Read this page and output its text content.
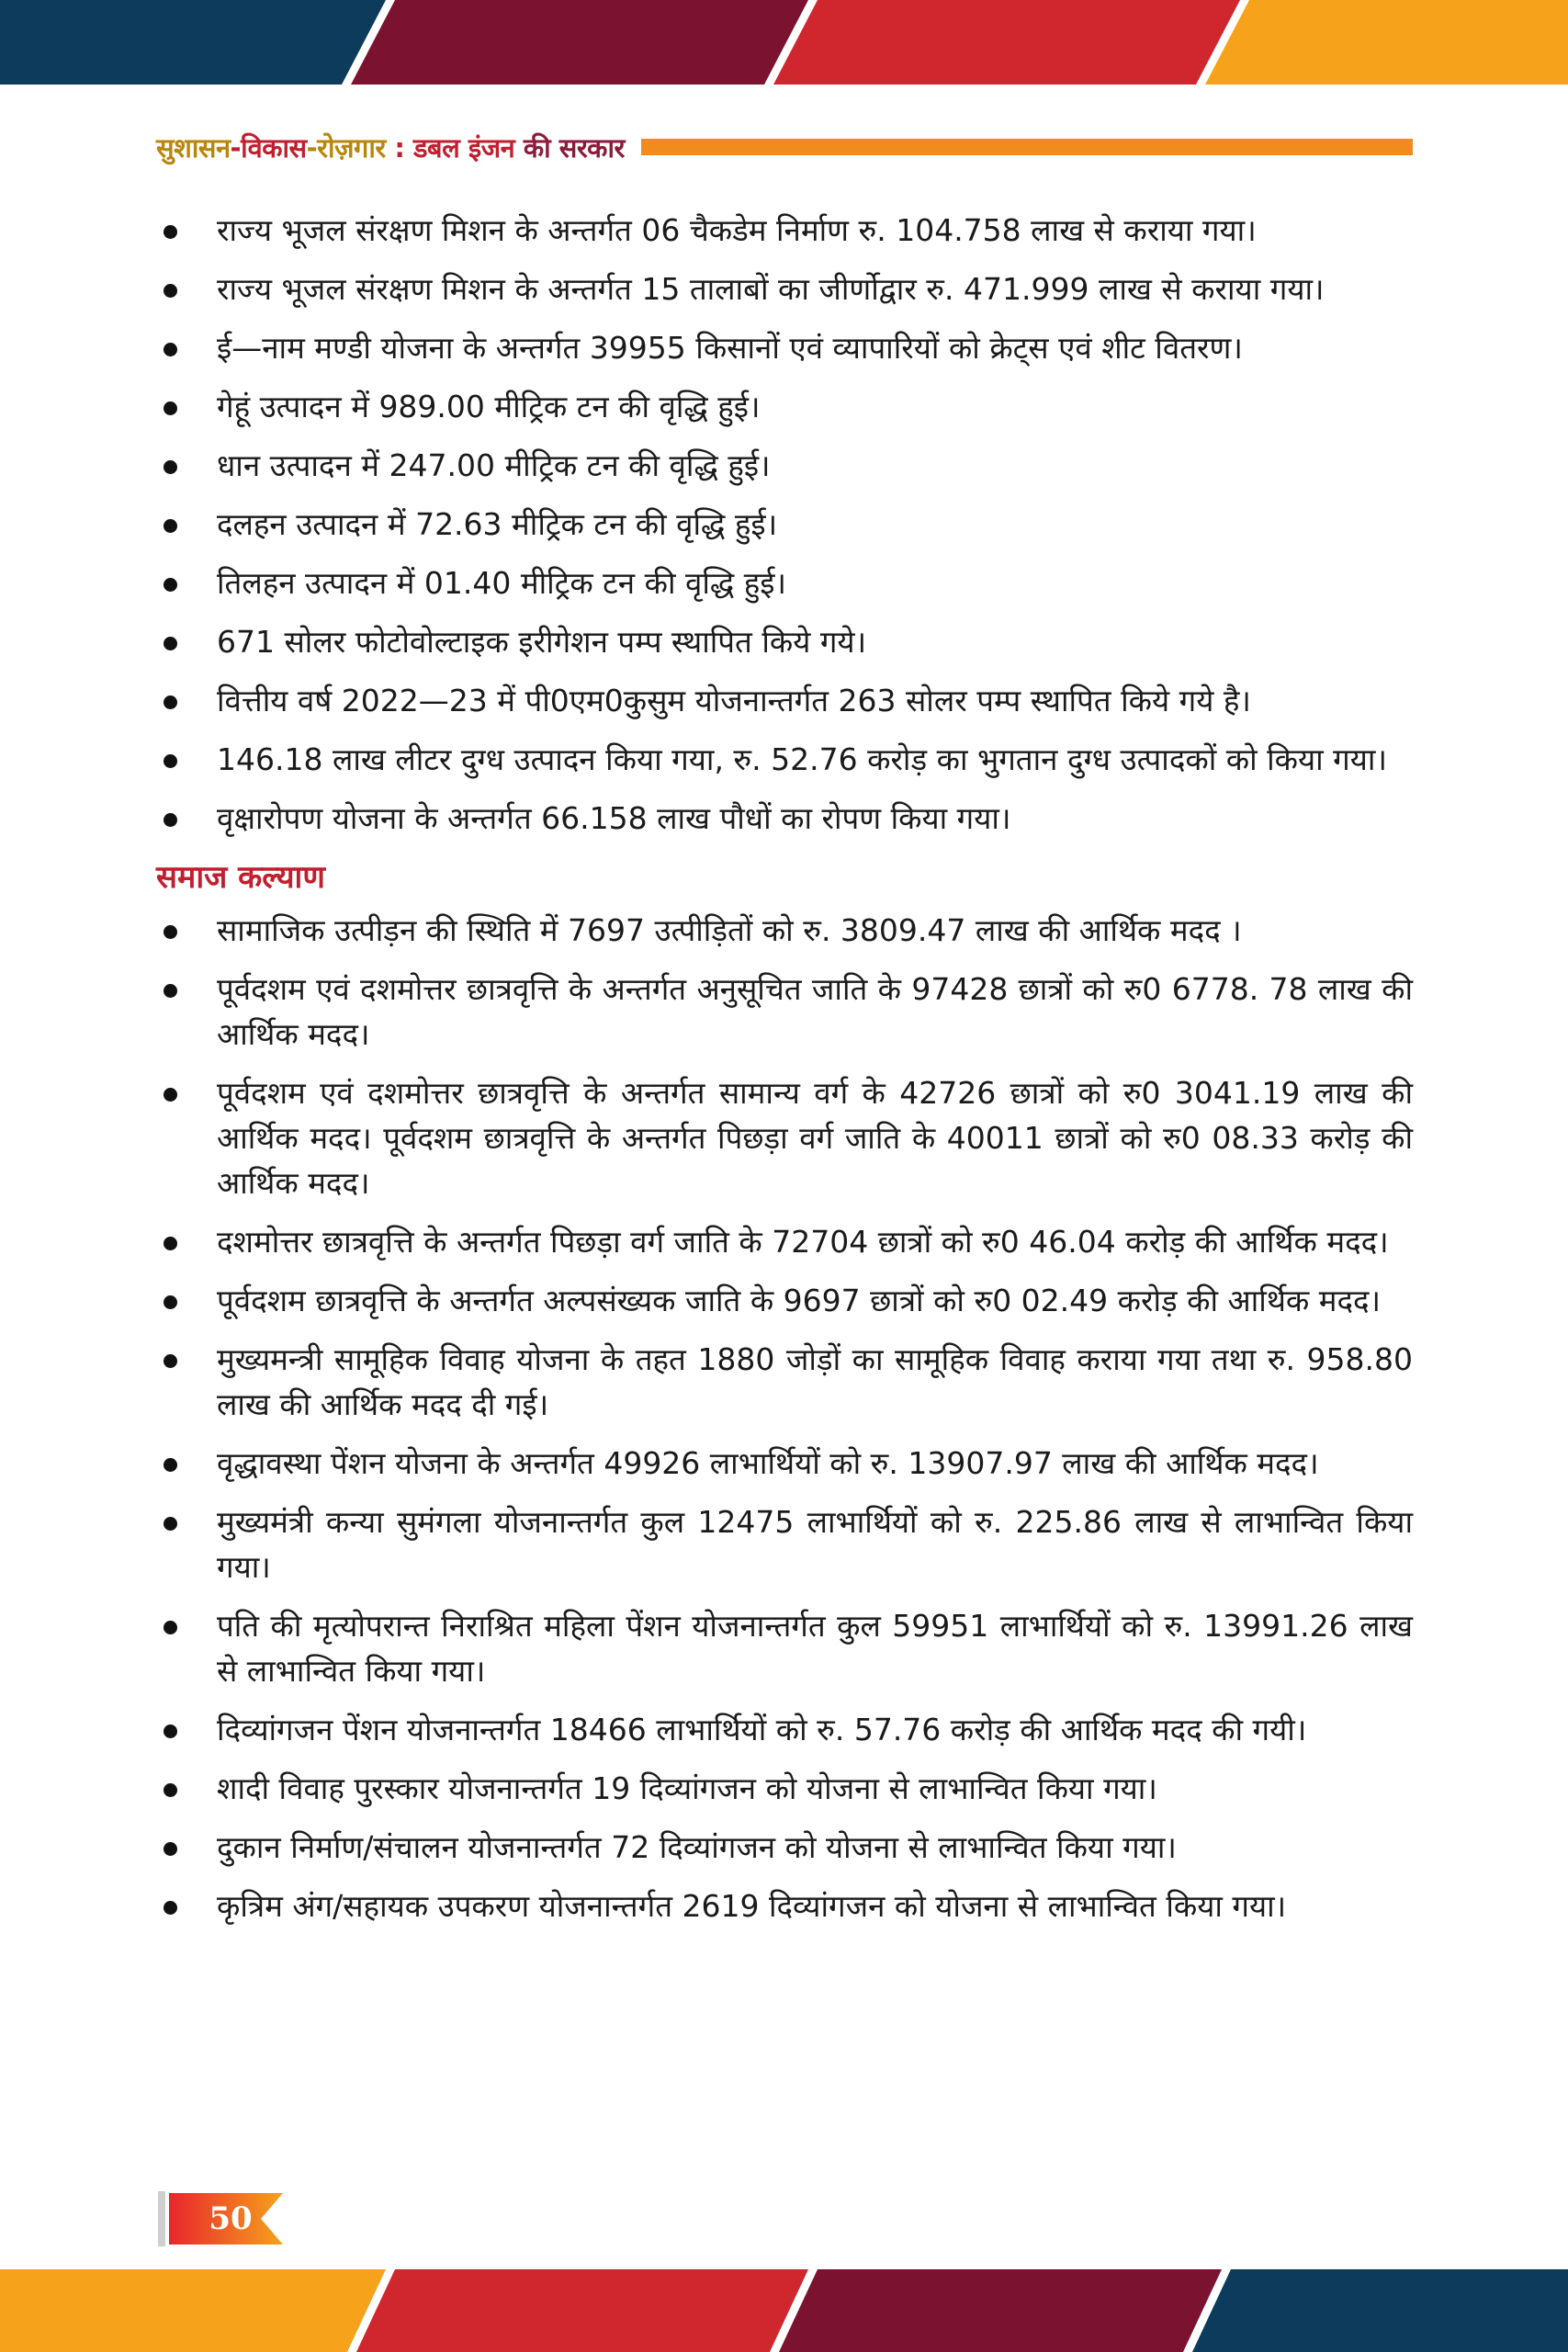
सुशासन-विकास-रोज़गार : डबल इंजन की सरकार
राज्य भूजल संरक्षण मिशन के अन्तर्गत 06 चैकडेम निर्माण रु. 104.758 लाख से कराया गया।
राज्य भूजल संरक्षण मिशन के अन्तर्गत 15 तालाबों का जीर्णोद्वार रु. 471.999 लाख से कराया गया।
ई—नाम मण्डी योजना के अन्तर्गत 39955 किसानों एवं व्यापारियों को क्रेट्स एवं शीट वितरण।
गेहूं उत्पादन में 989.00 मीट्रिक टन की वृद्धि हुई।
धान उत्पादन में 247.00 मीट्रिक टन की वृद्धि हुई।
दलहन उत्पादन में 72.63 मीट्रिक टन की वृद्धि हुई।
तिलहन उत्पादन में 01.40 मीट्रिक टन की वृद्धि हुई।
671 सोलर फोटोवोल्टाइक इरीगेशन पम्प स्थापित किये गये।
वित्तीय वर्ष 2022—23 में पी0एम0कुसुम योजनान्तर्गत 263 सोलर पम्प स्थापित किये गये है।
146.18 लाख लीटर दुग्ध उत्पादन किया गया, रु. 52.76 करोड़ का भुगतान दुग्ध उत्पादकों को किया गया।
वृक्षारोपण योजना के अन्तर्गत 66.158 लाख पौधों का रोपण किया गया।
समाज कल्याण
सामाजिक उत्पीड़न की स्थिति में 7697 उत्पीड़ितों को रु. 3809.47 लाख की आर्थिक मदद ।
पूर्वदशम एवं दशमोत्तर छात्रवृत्ति के अन्तर्गत अनुसूचित जाति के 97428 छात्रों को रु0 6778. 78 लाख की आर्थिक मदद।
पूर्वदशम एवं दशमोत्तर छात्रवृत्ति के अन्तर्गत सामान्य वर्ग के 42726 छात्रों को रु0 3041.19 लाख की आर्थिक मदद। पूर्वदशम छात्रवृत्ति के अन्तर्गत पिछड़ा वर्ग जाति के 40011 छात्रों को रु0 08.33 करोड़ की आर्थिक मदद।
दशमोत्तर छात्रवृत्ति के अन्तर्गत पिछड़ा वर्ग जाति के 72704 छात्रों को रु0 46.04 करोड़ की आर्थिक मदद।
पूर्वदशम छात्रवृत्ति के अन्तर्गत अल्पसंख्यक जाति के 9697 छात्रों को रु0 02.49 करोड़ की आर्थिक मदद।
मुख्यमन्त्री सामूहिक विवाह योजना के तहत 1880 जोड़ों का सामूहिक विवाह कराया गया तथा रु. 958.80 लाख की आर्थिक मदद दी गई।
वृद्धावस्था पेंशन योजना के अन्तर्गत 49926 लाभार्थियों को रु. 13907.97 लाख की आर्थिक मदद।
मुख्यमंत्री कन्या सुमंगला योजनान्तर्गत कुल 12475 लाभार्थियों को रु. 225.86 लाख से लाभान्वित किया गया।
पति की मृत्योपरान्त निराश्रित महिला पेंशन योजनान्तर्गत कुल 59951 लाभार्थियों को रु. 13991.26 लाख से लाभान्वित किया गया।
दिव्यांगजन पेंशन योजनान्तर्गत 18466 लाभार्थियों को रु. 57.76 करोड़ की आर्थिक मदद की गयी।
शादी विवाह पुरस्कार योजनान्तर्गत 19 दिव्यांगजन को योजना से लाभान्वित किया गया।
दुकान निर्माण/संचालन योजनान्तर्गत 72 दिव्यांगजन को योजना से लाभान्वित किया गया।
कृत्रिम अंग/सहायक उपकरण योजनान्तर्गत 2619 दिव्यांगजन को योजना से लाभान्वित किया गया।
50
